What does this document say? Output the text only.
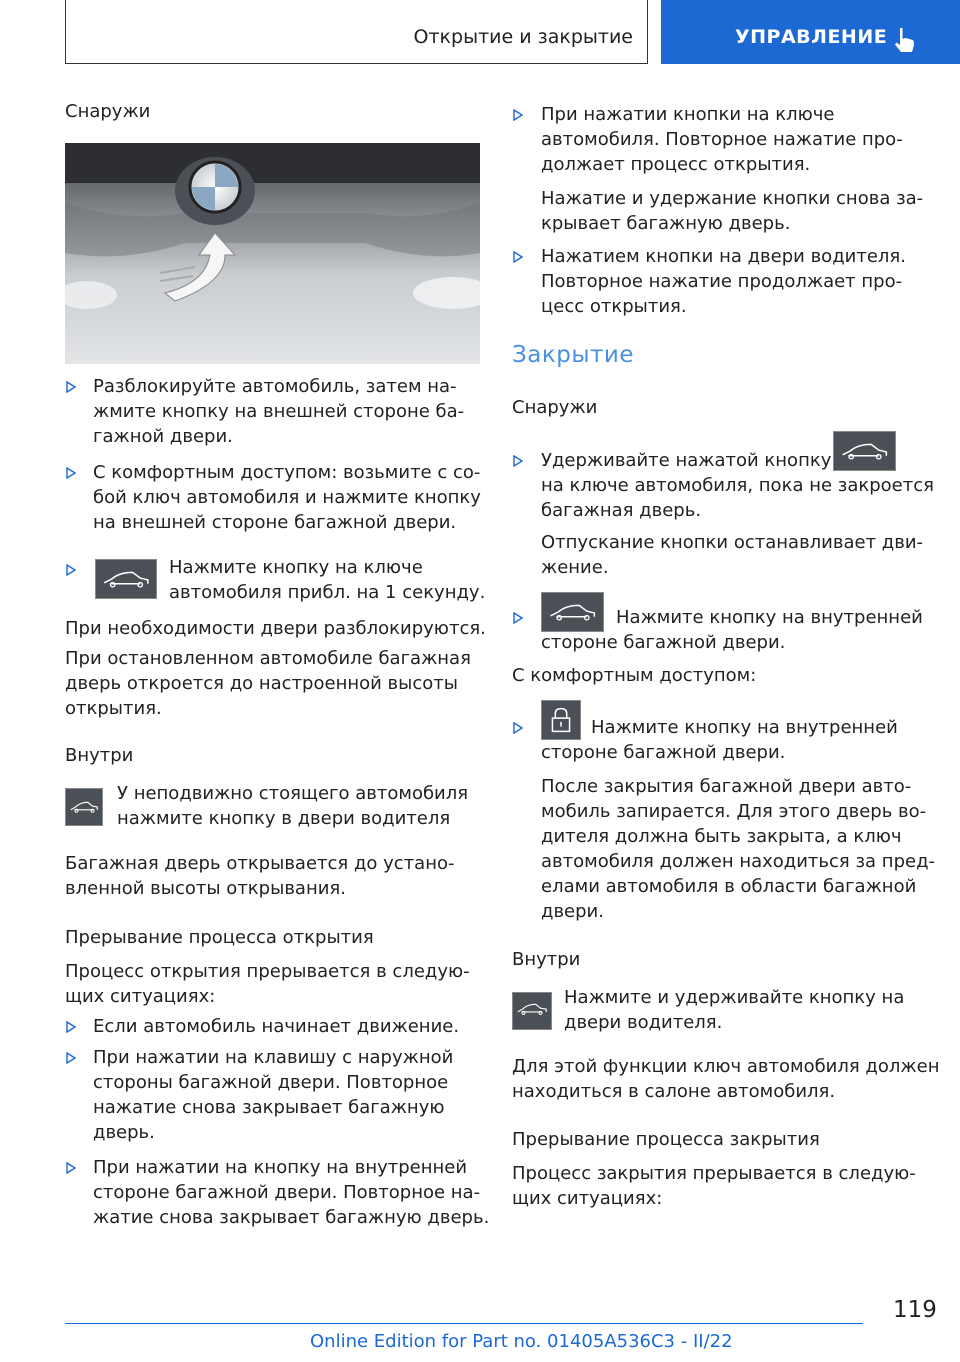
Открытие и закрытие	УПРАВЛЕНИЕ
Снаружи
Разблокируйте автомобиль, затем на-
жмите кнопку на внешней стороне ба-
гажной двери.
С комфортным доступом: возьмите с со-
бой ключ автомобиля и нажмите кнопку
на внешней стороне багажной двери.
Нажмите кнопку на ключе
автомобиля прибл. на 1 секунду.
При необходимости двери разблокируются.
При остановленном автомобиле багажная
дверь откроется до настроенной высоты
открытия.
Внутри
У неподвижно стоящего автомобиля
нажмите кнопку в двери водителя
Багажная дверь открывается до устано-
вленной высоты открывания.
Прерывание процесса открытия
Процесс открытия прерывается в следую-
щих ситуациях:
Если автомобиль начинает движение.
При нажатии на клавишу с наружной
стороны багажной двери. Повторное
нажатие снова закрывает багажную
дверь.
При нажатии на кнопку на внутренней
стороне багажной двери. Повторное на-
жатие снова закрывает багажную дверь.
При нажатии кнопки на ключе
автомобиля. Повторное нажатие про-
должает процесс открытия.
Нажатие и удержание кнопки снова за-
крывает багажную дверь.
Нажатием кнопки на двери водителя.
Повторное нажатие продолжает про-
цесс открытия.
Закрытие
Снаружи
Удерживайте нажатой кнопку
на ключе автомобиля, пока не закроется
багажная дверь.
Отпускание кнопки останавливает дви-
жение.
Нажмите кнопку на внутренней
стороне багажной двери.
С комфортным доступом:
Нажмите кнопку на внутренней
стороне багажной двери.
После закрытия багажной двери авто-
мобиль запирается. Для этого дверь во-
дителя должна быть закрыта, а ключ
автомобиля должен находиться за пред-
елами автомобиля в области багажной
двери.
Внутри
Нажмите и удерживайте кнопку на
двери водителя.
Для этой функции ключ автомобиля должен
находиться в салоне автомобиля.
Прерывание процесса закрытия
Процесс закрытия прерывается в следую-
щих ситуациях:
119
Online Edition for Part no. 01405A536C3 - II/22
